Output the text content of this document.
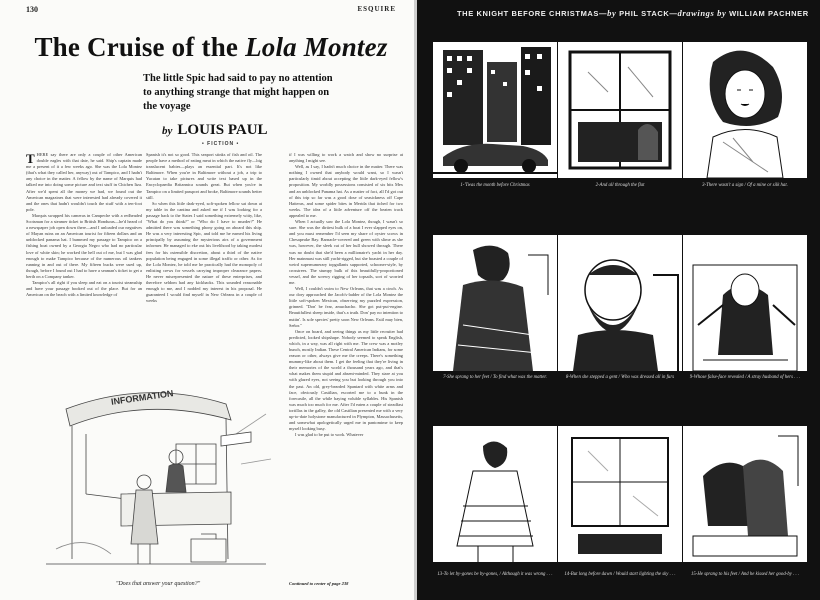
130	ESQUIRE
The Cruise of the Lola Montez
The little Spic had said to pay no attention to anything strange that might happen on the voyage
by LOUIS PAUL
• FICTION •

THERE say there are only a couple of other American double eagles with that date, he said. Ship's captain made me a present of it a few weeks ago. She was the Lola Montez (that's what they called her, anyway) out of Tampico, and I hadn't any choice in the matter. A fellow by the name of Marquis had talked me into doing some picture and text stuff in Chichen Itza. After we'd spent all the money we had, we found out the American magazines that were interested had already covered it and the ones that hadn't wouldn't touch the stuff with a ten-foot pole.

Marquis swapped his cameras in Campeche with a redheaded Scotsman for a steamer ticket to British Honduras—he'd heard of a newspaper job open down there—and I unloaded our negatives of Mayan ruins on an American tourist for fifteen dollars and an unblocked panama hat. I bummed my passage to Tampico on a fishing boat owned by a Georgia Negro who had no particular love of white skin; he worked the hell out of me, but I was glad enough to make Tampico because of the numerous oil tankers running in and out of there. My fifteen bucks were used up, though, before I found out I had to have a seaman's ticket to get a berth on a Company tanker.

Tampico's all right if you sleep and eat on a tourist steamship and have your passage booked out of the place. But for an American on the beach with a limited knowledge of

Spanish it's not so good. This seaport stinks of fish and oil. The people have a method of eating meat in which the native fly—big translucent babies—plays an essential part. It's not like Baltimore. When you're in Baltimore without a job, a trip to Yucatan to take pictures and write text based up in the Encyclopaedia Britannica sounds great. But when you're in Tampico on a limited passport and broke, Baltimore sounds better still.

So when this little dark-eyed, soft-spoken fellow sat down at my table in the cantina and asked me if I was looking for a passage back to the States I said something extremely witty, like, "What do you think?" or "Who do I have to murder?" He admitted there was something phony going on aboard this ship. He was a very interesting Spic, and told me he earned his living principally by assuming the mysterious airs of a government informer. He managed to eke out his livelihood by taking modest fees for his ostensible discretion, about a third of the native population being engaged in some illegal traffic or other. As for the Lola Montez, he told me he practically had the monopoly of enlisting crews for vessels carrying improper clearance papers. He never misrepresented the nature of these enterprises, and therefore seldom had any kickbacks. This sounded reasonable enough to me, and I nodded my interest in his proposal. He guaranteed I would find myself in New Orleans in a couple of weeks

if I was willing to work a watch and show no surprise at anything I might see.

Well, as I say, I hadn't much choice in the matter. There was nothing I owned that anybody would want, so I wasn't particularly timid about accepting the little dark-eyed fellow's proposition. My worldly possessions consisted of six bits Mex and an unblocked Panama hat. As a matter of fact, all I'd got out of this trip so far was a good dose of seasickness off Cape Hatteras, and some spider bites in Merida that itched for two weeks. The idea of a little adventure off the beaten track appealed to me.

When I actually saw the Lola Montez, though, I wasn't so sure. She was the dirtiest hulk of a boat I ever slapped eyes on, and you must remember I'd seen my share of oyster scows in Chesapeake Bay. Barnacle-covered and green with slime as she was, however, the sleek cut of her hull showed through. There was no doubt that she'd been a millionaire's yacht in her day. Her mainmast was still yacht-rigged, but she boasted a couple of weird supernumerary topgallants supported, schooner-style, by crosstrees. The stumpy bulk of this beautifully-proportioned vessel, and the screwy rigging of her topsails, sort of worried me.

Well, I couldn't swim to New Orleans, that was a cinch. As our dory approached the Jacob's-ladder of the Lola Montez the little soft-spoken Mexican, observing my puzzled expression, grinned. "Don' be fear, amuchacho. She got put-put-engine. Beautifullest sheep inside, that's a truth. Don' pay no intention to nuttin'. Is sole species' pretty soon New Orleans. Estil muy bien, Señor."

Once on board, and seeing things as my little recruiter had predicted, looked shipshape. Nobody seemed to speak English, which, in a way, was all right with me. The crew was a motley bunch, mostly Indian. These Central American Indians, for some reason or other, always give me the creeps. There's something mummy-like about them. I get the feeling that they're living in their memories of the world a thousand years ago, and that's what makes them stupid and absent-minded. They stare at you with glazed eyes, not seeing you but looking through you into the past. An old, grey-bearded Spaniard with white arms and face, obviously Castilian, escorted me to a bunk in the forecastle, all the while baying voluble syllables. His Spanish was much too much for me. After I'd eaten a couple of steadfast tortillas in the galley, the old Castilian presented me with a very up-to-date holystone manufactured in Plympton, Massachusetts, and somewhat apologetically urged me in pantomime to keep myself looking busy.

I was glad to be put to work. Whatever

Continued to center of page 238
INFORMATION
"Does that answer your question?"
THE KNIGHT BEFORE CHRISTMAS—by PHIL STACK—drawings by WILLIAM PACHNER
1-'Twas the month before Christmas	2-And all through the flat	3-There wasn't a sign / Of a mine or silk hat.
7-She sprang to her feet / To find what was the matter.	8-When she stepped a gent / Who was dressed all in furs	9-Whose false-face revealed / A stray husband of hers . . .
13-To let by-gones be by-gones, / Although it was wrong . . .	14-But long before dawn / Would start lighting the sky . . .	15-He sprang to his feet / And he kissed her good-by . . .
